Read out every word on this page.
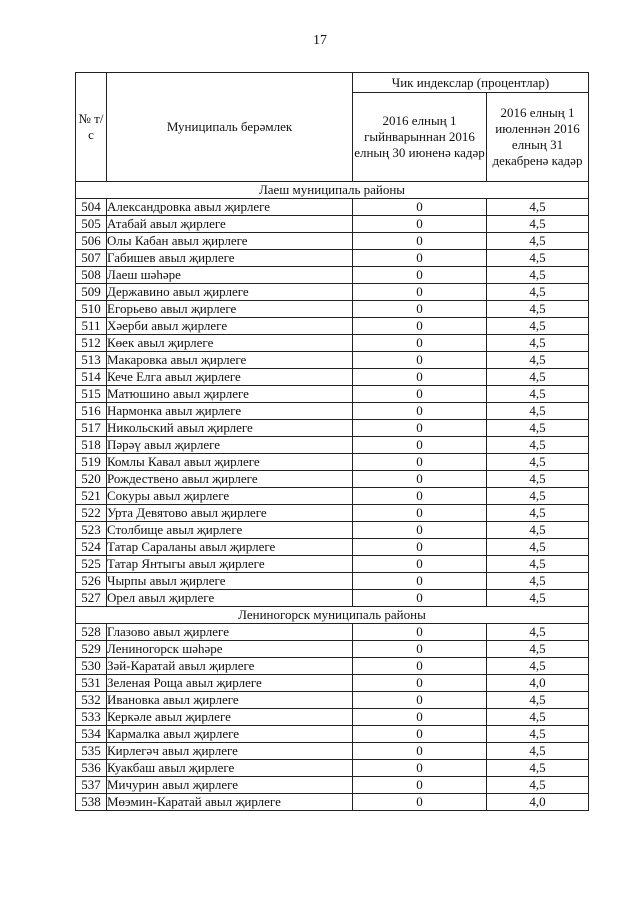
17
№ т/с	Муниципаль берәмлек	Чик индекслар (процентлар)	
		2016 елның 1 гыйнварыннан 2016 елның 30 июненә кадәр	2016 елның 1 июленнән 2016 елның 31 декабренә кадәр
Лаеш муниципаль районы			
504	Александровка авыл җирлеге	0	4,5
505	Атабай авыл җирлеге	0	4,5
506	Олы Кабан авыл җирлеге	0	4,5
507	Габишев авыл җирлеге	0	4,5
508	Лаеш шәһәре	0	4,5
509	Державино авыл җирлеге	0	4,5
510	Егорьево авыл җирлеге	0	4,5
511	Хәерби авыл җирлеге	0	4,5
512	Көек авыл җирлеге	0	4,5
513	Макаровка авыл җирлеге	0	4,5
514	Кече Елга авыл җирлеге	0	4,5
515	Матюшино авыл җирлеге	0	4,5
516	Нармонка авыл җирлеге	0	4,5
517	Никольский авыл җирлеге	0	4,5
518	Пәрәү авыл җирлеге	0	4,5
519	Комлы Кавал авыл җирлеге	0	4,5
520	Рождествено авыл җирлеге	0	4,5
521	Сокуры авыл җирлеге	0	4,5
522	Урта Девятово авыл җирлеге	0	4,5
523	Столбище авыл җирлеге	0	4,5
524	Татар Сараланы авыл җирлеге	0	4,5
525	Татар Янтыгы авыл җирлеге	0	4,5
526	Чырпы авыл җирлеге	0	4,5
527	Орел авыл җирлеге	0	4,5
Лениногорск муниципаль районы			
528	Глазово авыл җирлеге	0	4,5
529	Лениногорск шәһәре	0	4,5
530	Зәй-Каратай авыл җирлеге	0	4,5
531	Зеленая Роща авыл җирлеге	0	4,0
532	Ивановка авыл җирлеге	0	4,5
533	Керкәле авыл җирлеге	0	4,5
534	Кармалка авыл җирлеге	0	4,5
535	Кирлегәч авыл җирлеге	0	4,5
536	Куакбаш авыл җирлеге	0	4,5
537	Мичурин авыл җирлеге	0	4,5
538	Мөэмин-Каратай авыл җирлеге	0	4,0
